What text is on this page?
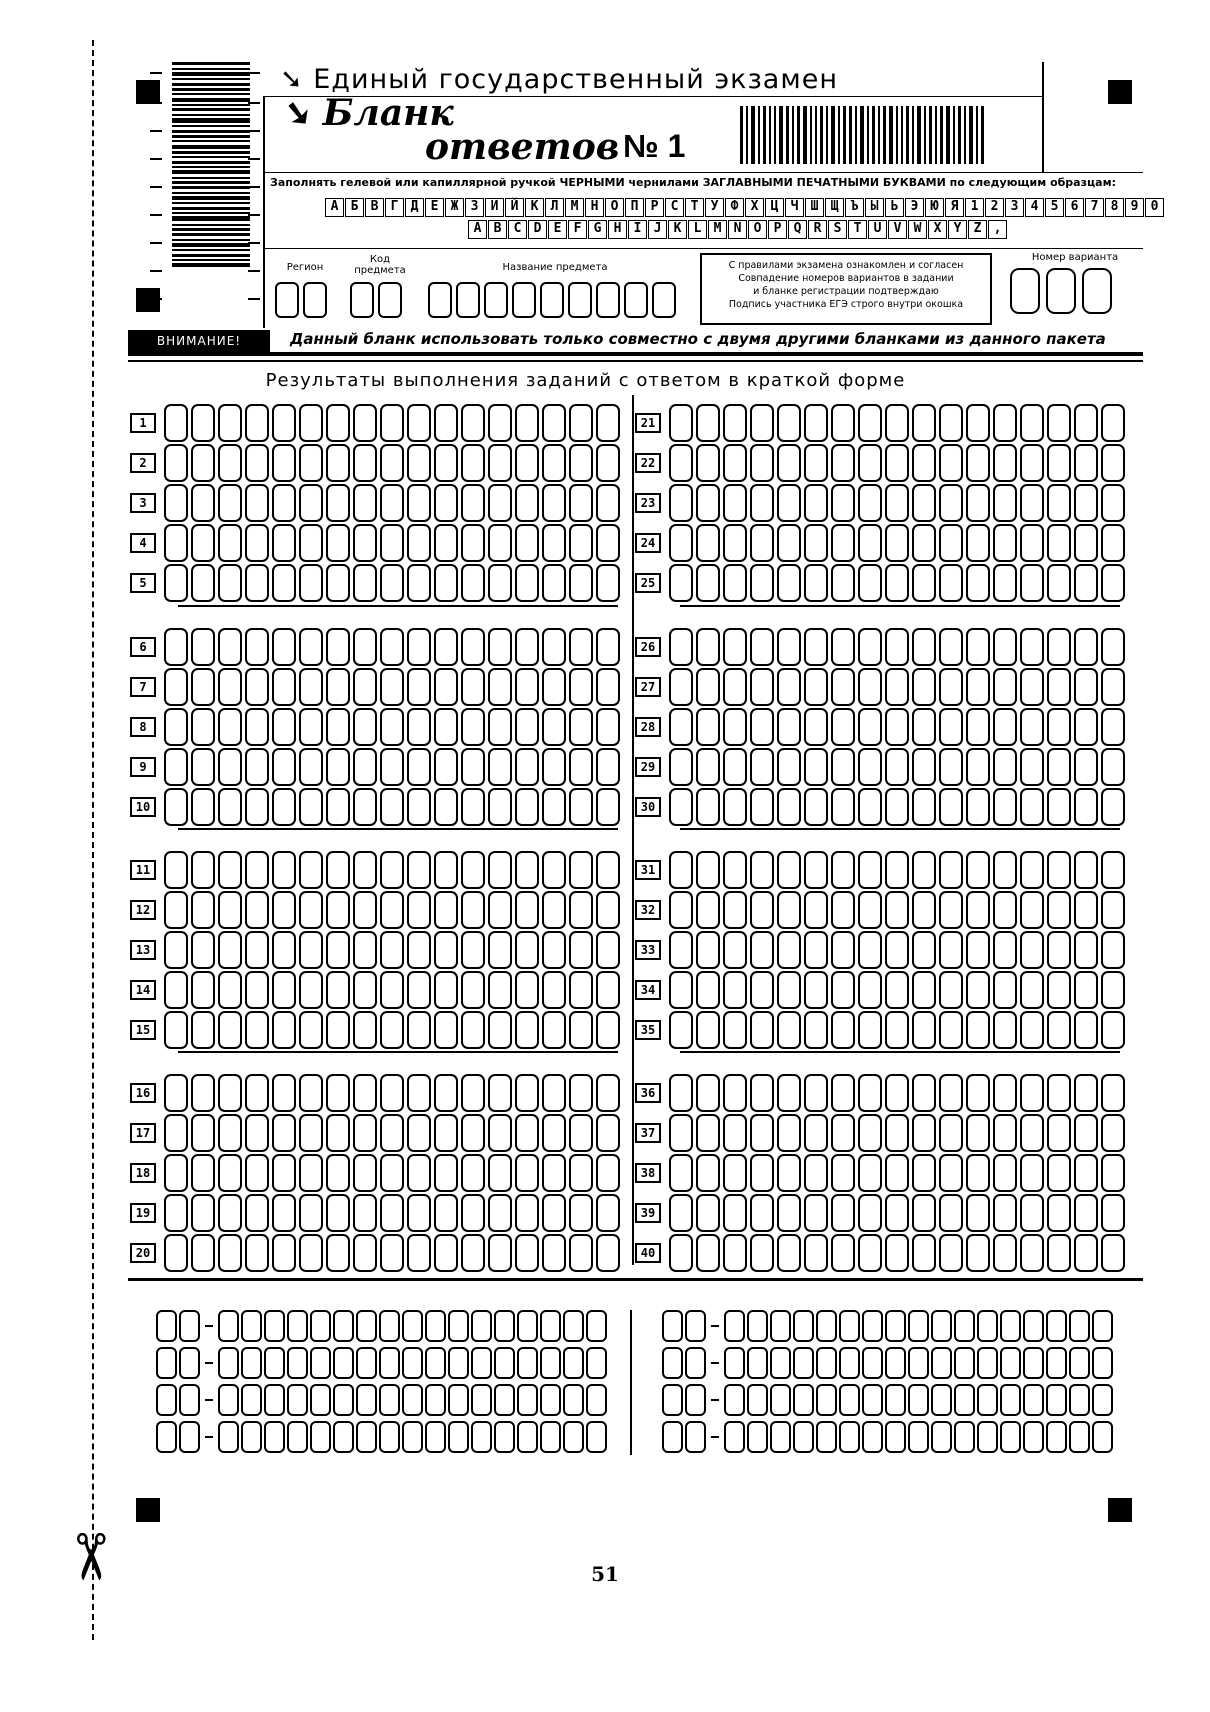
✂
➘ Единый государственный экзамен
➘ Бланк
ответов № 1
Заполнять гелевой или капиллярной ручкой ЧЕРНЫМИ чернилами ЗАГЛАВНЫМИ ПЕЧАТНЫМИ БУКВАМИ по следующим образцам:
А Б В Г Д Е Ж З И Й К Л М Н О П Р С Т У Ф Х Ц Ч Ш Щ Ъ Ы Ь Э Ю Я 1 2 3 4 5 6 7 8 9 0
A B C D E F G H I J K L M N O P Q R S T U V W X Y Z ,
Регион
Код предмета	Название предмета
Номер варианта
С правилами экзамена ознакомлен и согласен
Совпадение номеров вариантов в задании
и бланке регистрации подтверждаю
Подпись участника ЕГЭ строго внутри окошка
ВНИМАНИЕ!	Данный бланк использовать только совместно с двумя другими бланками из данного пакета
Результаты выполнения заданий с ответом в краткой форме
1
2
3
4
5
6
7
8
9
10
11
12
13
14
15
16
17
18
19
20
21
22
23
24
25
26
27
28
29
30
31
32
33
34
35
36
37
38
39
40
51
